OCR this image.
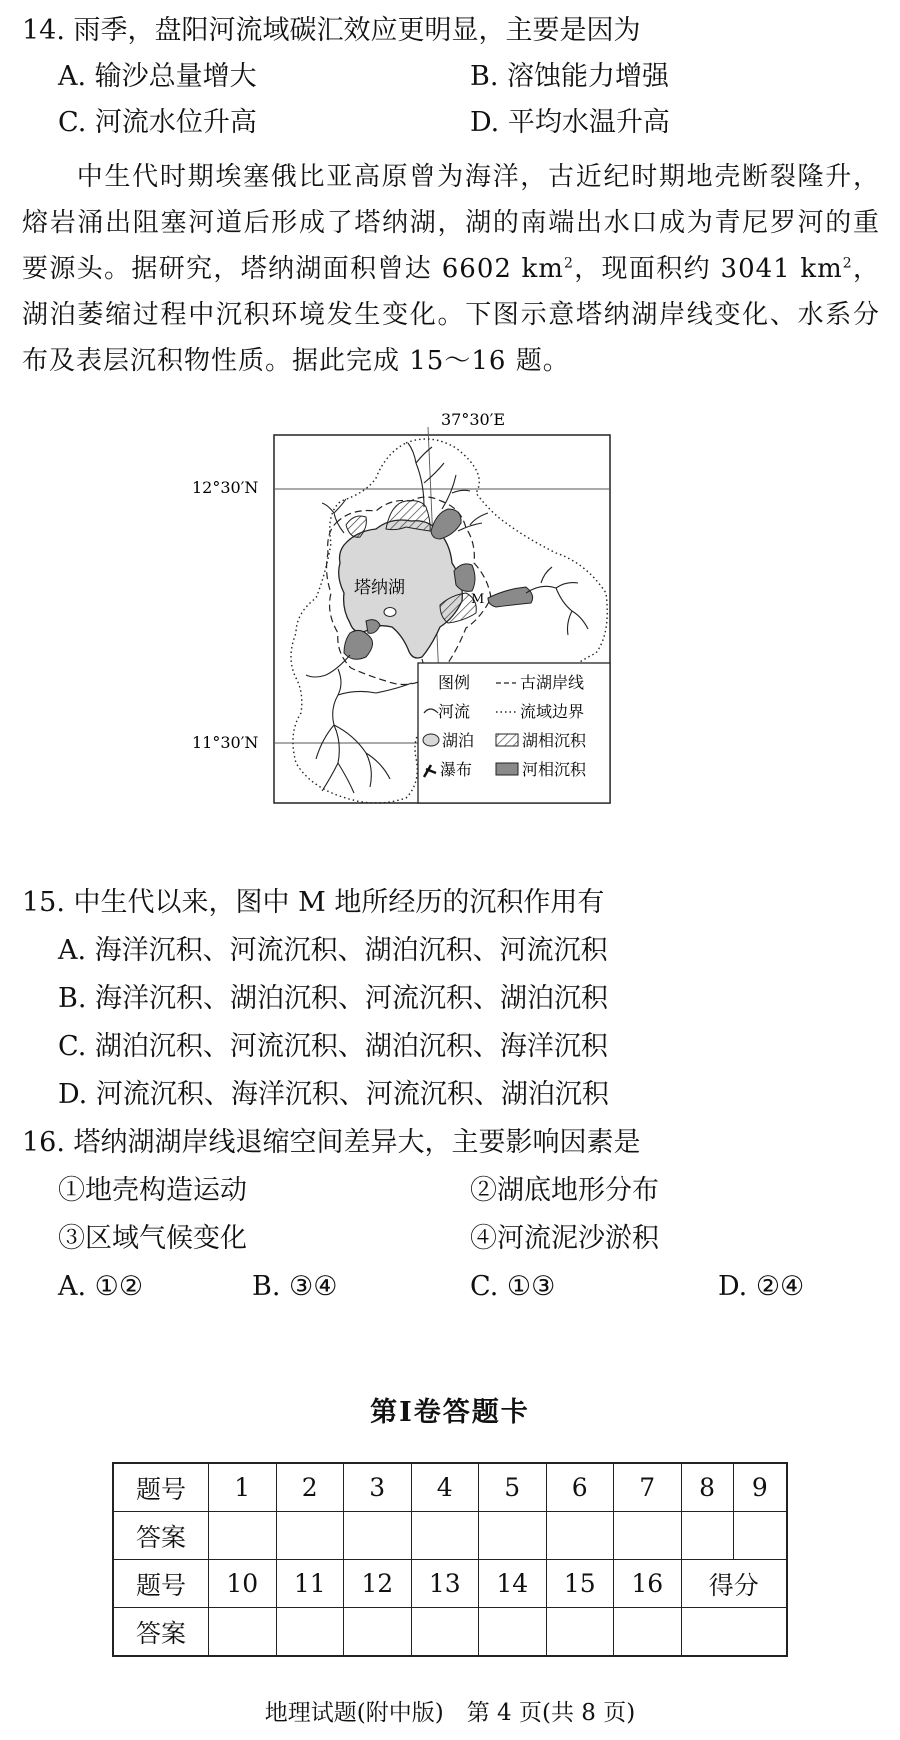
14. 雨季，盘阳河流域碳汇效应更明显，主要是因为
A. 输沙总量增大	B. 溶蚀能力增强
C. 河流水位升高	D. 平均水温升高
中生代时期埃塞俄比亚高原曾为海洋，古近纪时期地壳断裂隆升，熔岩涌出阻塞河道后形成了塔纳湖，湖的南端出水口成为青尼罗河的重要源头。据研究，塔纳湖面积曾达 6602 $km^2$，现面积约 3041 $km^2$，湖泊萎缩过程中沉积环境发生变化。下图示意塔纳湖岸线变化、水系分布及表层沉积物性质。据此完成 15～16 题。
37°30′E
12°30′N
11°30′N
塔纳湖
M
图例	古湖岸线
河流	流域边界
湖泊	湖相沉积
瀑布	河相沉积
15. 中生代以来，图中 M 地所经历的沉积作用有
A. 海洋沉积、河流沉积、湖泊沉积、河流沉积
B. 海洋沉积、湖泊沉积、河流沉积、湖泊沉积
C. 湖泊沉积、河流沉积、湖泊沉积、海洋沉积
D. 河流沉积、海洋沉积、河流沉积、湖泊沉积
16. 塔纳湖湖岸线退缩空间差异大，主要影响因素是
①地壳构造运动	②湖底地形分布
③区域气候变化	④河流泥沙淤积
A. ①②	B. ③④	C. ①③	D. ②④
第Ⅰ卷答题卡
题号	1	2	3	4	5	6	7	8	9
答案									
题号	10	11	12	13	14	15	16	得分	
答案									
地理试题(附中版)　第 4 页(共 8 页)
